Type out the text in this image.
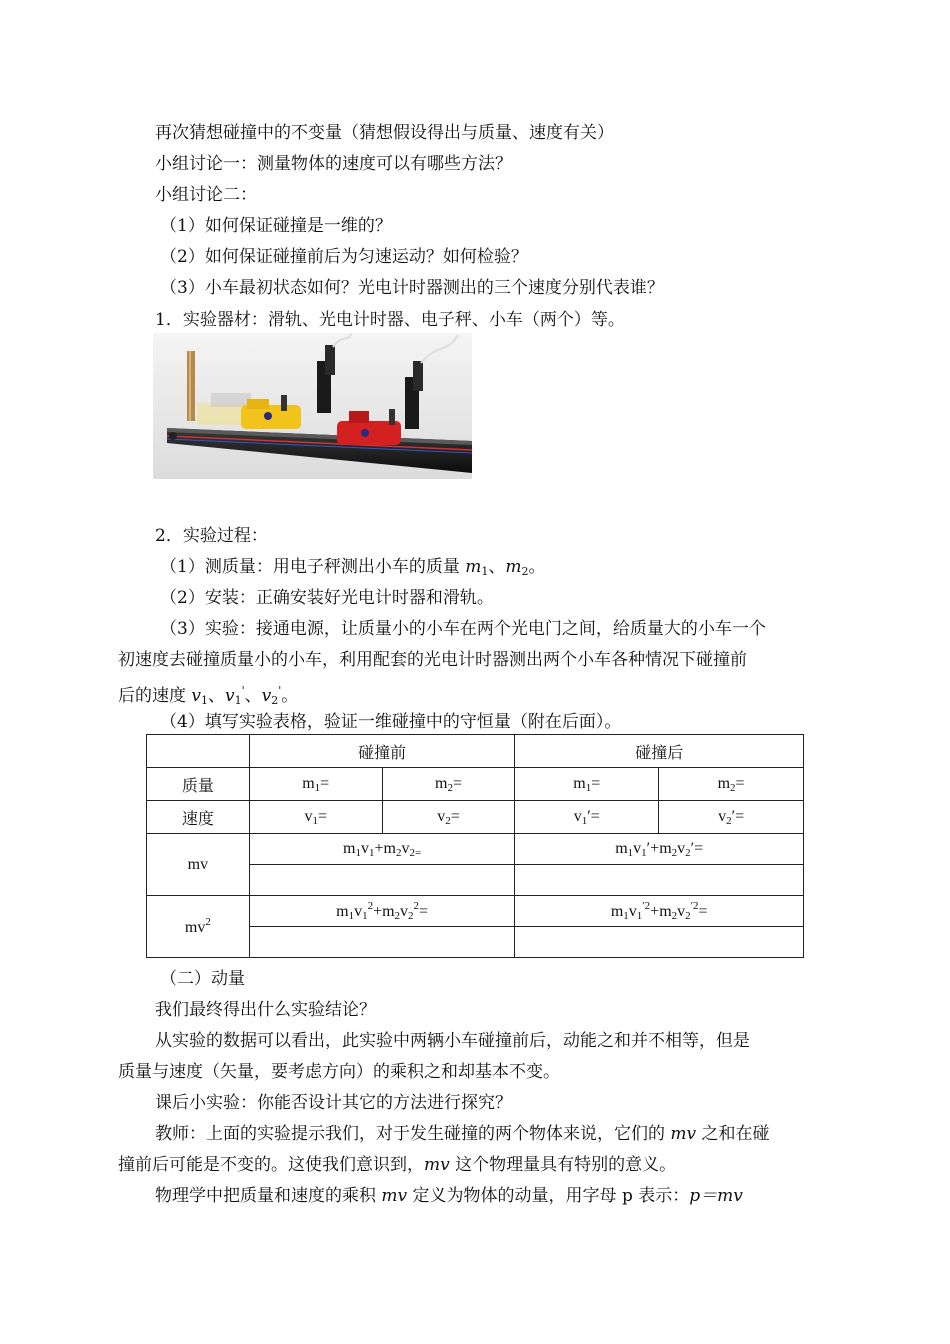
再次猜想碰撞中的不变量（猜想假设得出与质量、速度有关）
小组讨论一：测量物体的速度可以有哪些方法？
小组讨论二：
（1）如何保证碰撞是一维的？
（2）如何保证碰撞前后为匀速运动？如何检验？
（3）小车最初状态如何？光电计时器测出的三个速度分别代表谁？
1．实验器材：滑轨、光电计时器、电子秤、小车（两个）等。
2．实验过程：
（1）测质量：用电子秤测出小车的质量 $m_1$、$m_2$。
（2）安装：正确安装好光电计时器和滑轨。
（3）实验：接通电源，让质量小的小车在两个光电门之间，给质量大的小车一个
初速度去碰撞质量小的小车，利用配套的光电计时器测出两个小车各种情况下碰撞前
后的速度 $v_1$、$v_1'$、$v_2'$。
（4）填写实验表格，验证一维碰撞中的守恒量（附在后面）。
	碰撞前		碰撞后	
质量	$m_1=$	$m_2=$	$m_1=$	$m_2=$
速度	$v_1=$	$v_2=$	$v_1'=$	$v_2'=$
mv	$m_1v_1+m_2v_{2=}$		$m_1v_1'+m_2v_2'=$	

$mv^2$	$m_1v_1^2+m_2v_2^2=$		$m_1v_1^{'2}+m_2v_2^{'2}=$	

（二）动量
我们最终得出什么实验结论？
从实验的数据可以看出，此实验中两辆小车碰撞前后，动能之和并不相等，但是
质量与速度（矢量，要考虑方向）的乘积之和却基本不变。
课后小实验：你能否设计其它的方法进行探究？
教师：上面的实验提示我们，对于发生碰撞的两个物体来说，它们的 mv 之和在碰
撞前后可能是不变的。这使我们意识到，mv 这个物理量具有特别的意义。
物理学中把质量和速度的乘积 mv 定义为物体的动量，用字母 p 表示：p＝mv
